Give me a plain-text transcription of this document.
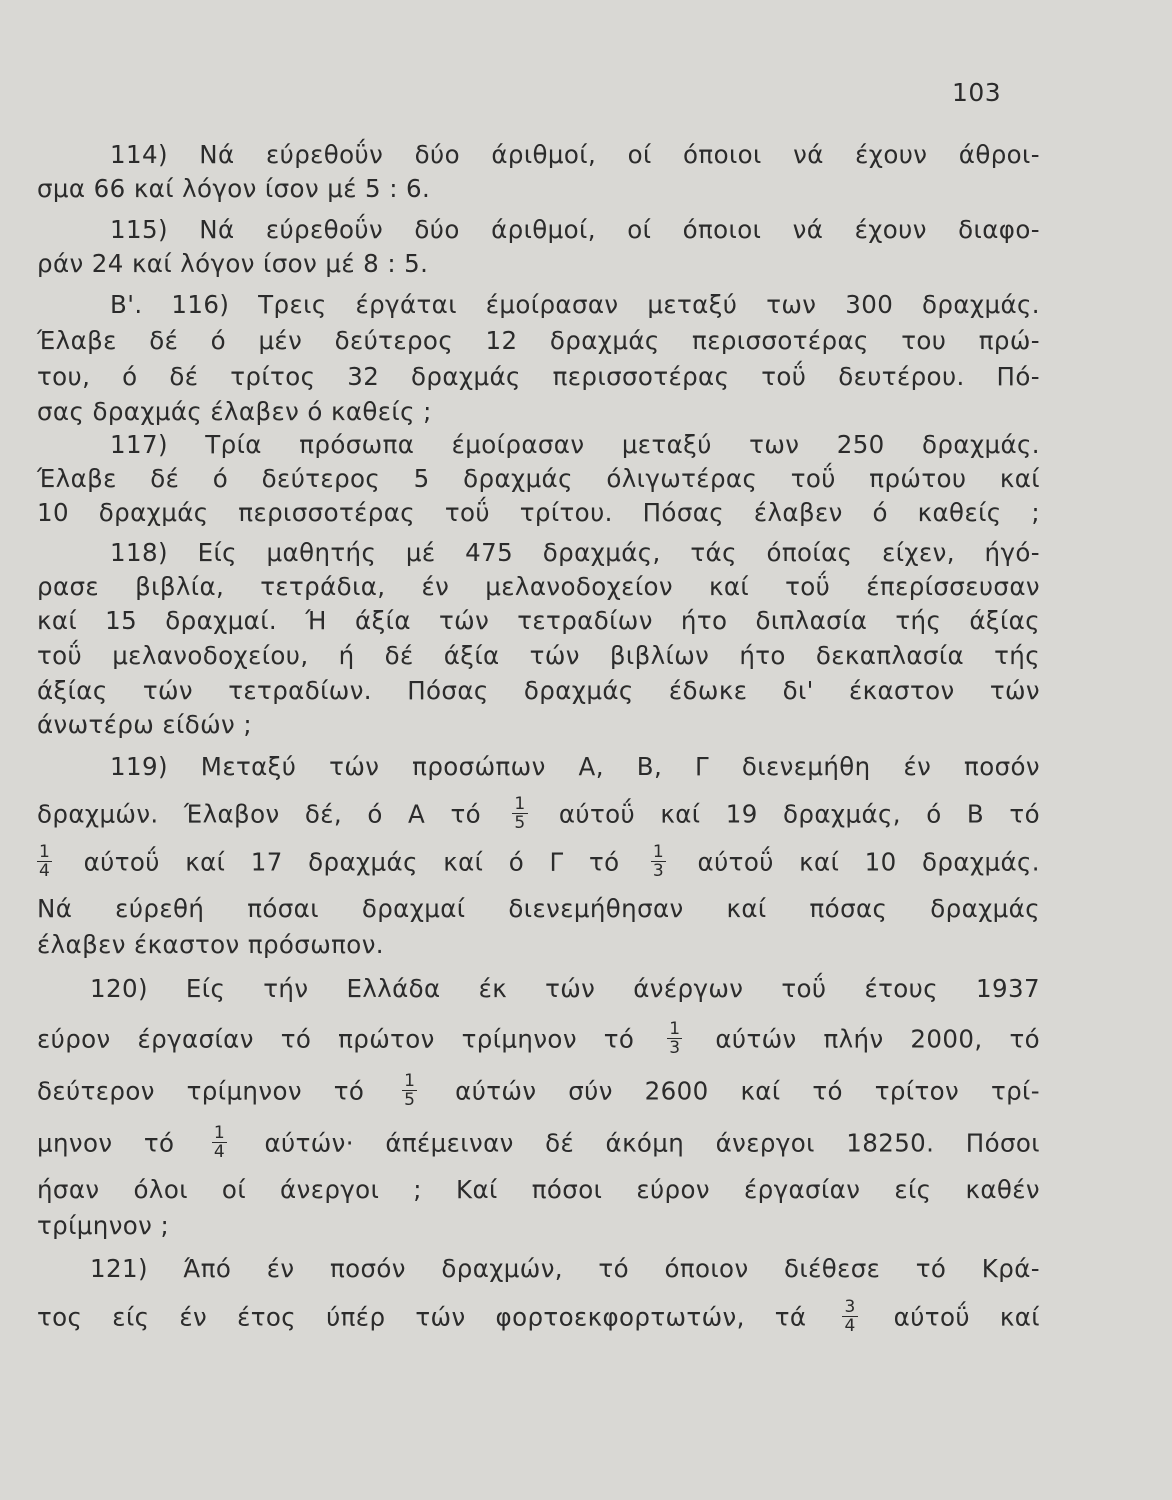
103
114) Νά εύρεθοΰν δύο άριθμοί, οί όποιοι νά έχουν άθροι-
σμα 66 καί λόγον ίσον μέ 5 : 6.
115) Νά εύρεθοΰν δύο άριθμοί, οί όποιοι νά έχουν διαφο-
ράν 24 καί λόγον ίσον μέ 8 : 5.
Β'. 116) Τρεις έργάται έμοίρασαν μεταξύ των 300 δραχμάς.
Έλαβε δέ ό μέν δεύτερος 12 δραχμάς περισσοτέρας του πρώ-
του, ό δέ τρίτος 32 δραχμάς περισσοτέρας τοΰ δευτέρου. Πό-
σας δραχμάς έλαβεν ό καθείς ;
117) Τρία πρόσωπα έμοίρασαν μεταξύ των 250 δραχμάς.
Έλαβε δέ ό δεύτερος 5 δραχμάς όλιγωτέρας τοΰ πρώτου καί
10 δραχμάς περισσοτέρας τοΰ τρίτου. Πόσας έλαβεν ό καθείς ;
118) Είς μαθητής μέ 475 δραχμάς, τάς όποίας είχεν, ήγό-
ρασε βιβλία, τετράδια, έν μελανοδοχείον καί τοΰ έπερίσσευσαν
καί 15 δραχμαί. Ή άξία τών τετραδίων ήτο διπλασία τής άξίας
τοΰ μελανοδοχείου, ή δέ άξία τών βιβλίων ήτο δεκαπλασία τής
άξίας τών τετραδίων. Πόσας δραχμάς έδωκε δι' έκαστον τών
άνωτέρω είδών ;
119) Μεταξύ τών προσώπων Α, Β, Γ διενεμήθη έν ποσόν
δραχμών. Έλαβον δέ, ό Α τό $\frac{1}{5}$ αύτοΰ καί 19 δραχμάς, ό Β τό
$\frac{1}{4}$ αύτοΰ καί 17 δραχμάς καί ό Γ τό $\frac{1}{3}$ αύτοΰ καί 10 δραχμάς.
Νά εύρεθή πόσαι δραχμαί διενεμήθησαν καί πόσας δραχμάς
έλαβεν έκαστον πρόσωπον.
120) Είς τήν Ελλάδα έκ τών άνέργων τοΰ έτους 1937
εύρον έργασίαν τό πρώτον τρίμηνον τό $\frac{1}{3}$ αύτών πλήν 2000, τό
δεύτερον τρίμηνον τό $\frac{1}{5}$ αύτών σύν 2600 καί τό τρίτον τρί-
μηνον τό $\frac{1}{4} \alpha ύ\tau ώ\nu\cdot ά\pi έ\mu\varepsilon\iota\nu\alpha\nu$ δέ άκόμη άνεργοι 18250. Πόσοι
ήσαν όλοι οί άνεργοι ; Καί πόσοι εύρον έργασίαν είς καθέν
τρίμηνον ;
121) Άπό έν ποσόν δραχμών, τό όποιον διέθεσε τό Κρά-
τος είς έν έτος ύπέρ τών φορτοεκφορτωτών, τά $\frac{3}{4}$ αύτοΰ καί
